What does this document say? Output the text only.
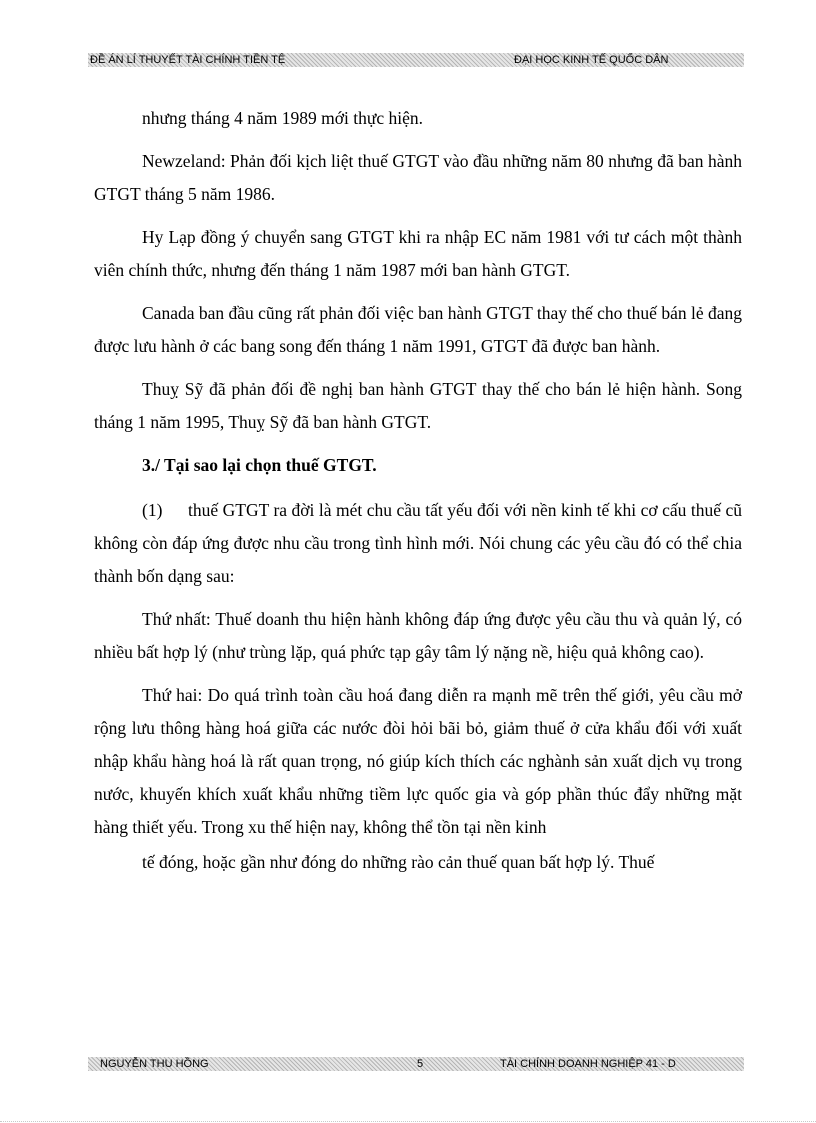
ĐỀ ÁN LÍ THUYẾT TÀI CHÍNH TIỀN TỆ	ĐẠI HỌC KINH TẾ QUỐC DÂN

nhưng tháng 4 năm 1989 mới thực hiện.

Newzeland: Phản đối kịch liệt thuế GTGT vào đầu những năm 80 nhưng đã ban hành GTGT tháng 5 năm 1986.

Hy Lạp đồng ý chuyển sang GTGT khi ra nhập EC năm 1981 với tư cách một thành viên chính thức, nhưng đến tháng 1 năm 1987 mới ban hành GTGT.

Canada ban đầu cũng rất phản đối việc ban hành GTGT thay thế cho thuế bán lẻ đang được lưu hành ở các bang song đến tháng 1 năm 1991, GTGT đã được ban hành.

Thuỵ Sỹ đã phản đối đề nghị ban hành GTGT thay thế cho bán lẻ hiện hành. Song tháng 1 năm 1995, Thuỵ Sỹ đã ban hành GTGT.

3./ Tại sao lại chọn thuế GTGT.

(1) thuế GTGT ra đời là mét chu cầu tất yếu đối với nền kinh tế khi cơ cấu thuế cũ không còn đáp ứng được nhu cầu trong tình hình mới. Nói chung các yêu cầu đó có thể chia thành bốn dạng sau:

Thứ nhất: Thuế doanh thu hiện hành không đáp ứng được yêu cầu thu và quản lý, có nhiều bất hợp lý (như trùng lặp, quá phức tạp gây tâm lý nặng nề, hiệu quả không cao).

Thứ hai: Do quá trình toàn cầu hoá đang diễn ra mạnh mẽ trên thế giới, yêu cầu mở rộng lưu thông hàng hoá giữa các nước đòi hỏi bãi bỏ, giảm thuế ở cửa khẩu đối với xuất nhập khẩu hàng hoá là rất quan trọng, nó giúp kích thích các nghành sản xuất dịch vụ trong nước, khuyến khích xuất khẩu những tiềm lực quốc gia và góp phần thúc đẩy những mặt hàng thiết yếu. Trong xu thế hiện nay, không thể tồn tại nền kinh

tế đóng, hoặc gần như đóng do những rào cản thuế quan bất hợp lý. Thuế

NGUYỄN THU HỒNG	5	TÀI CHÍNH DOANH NGHIỆP 41 - D
